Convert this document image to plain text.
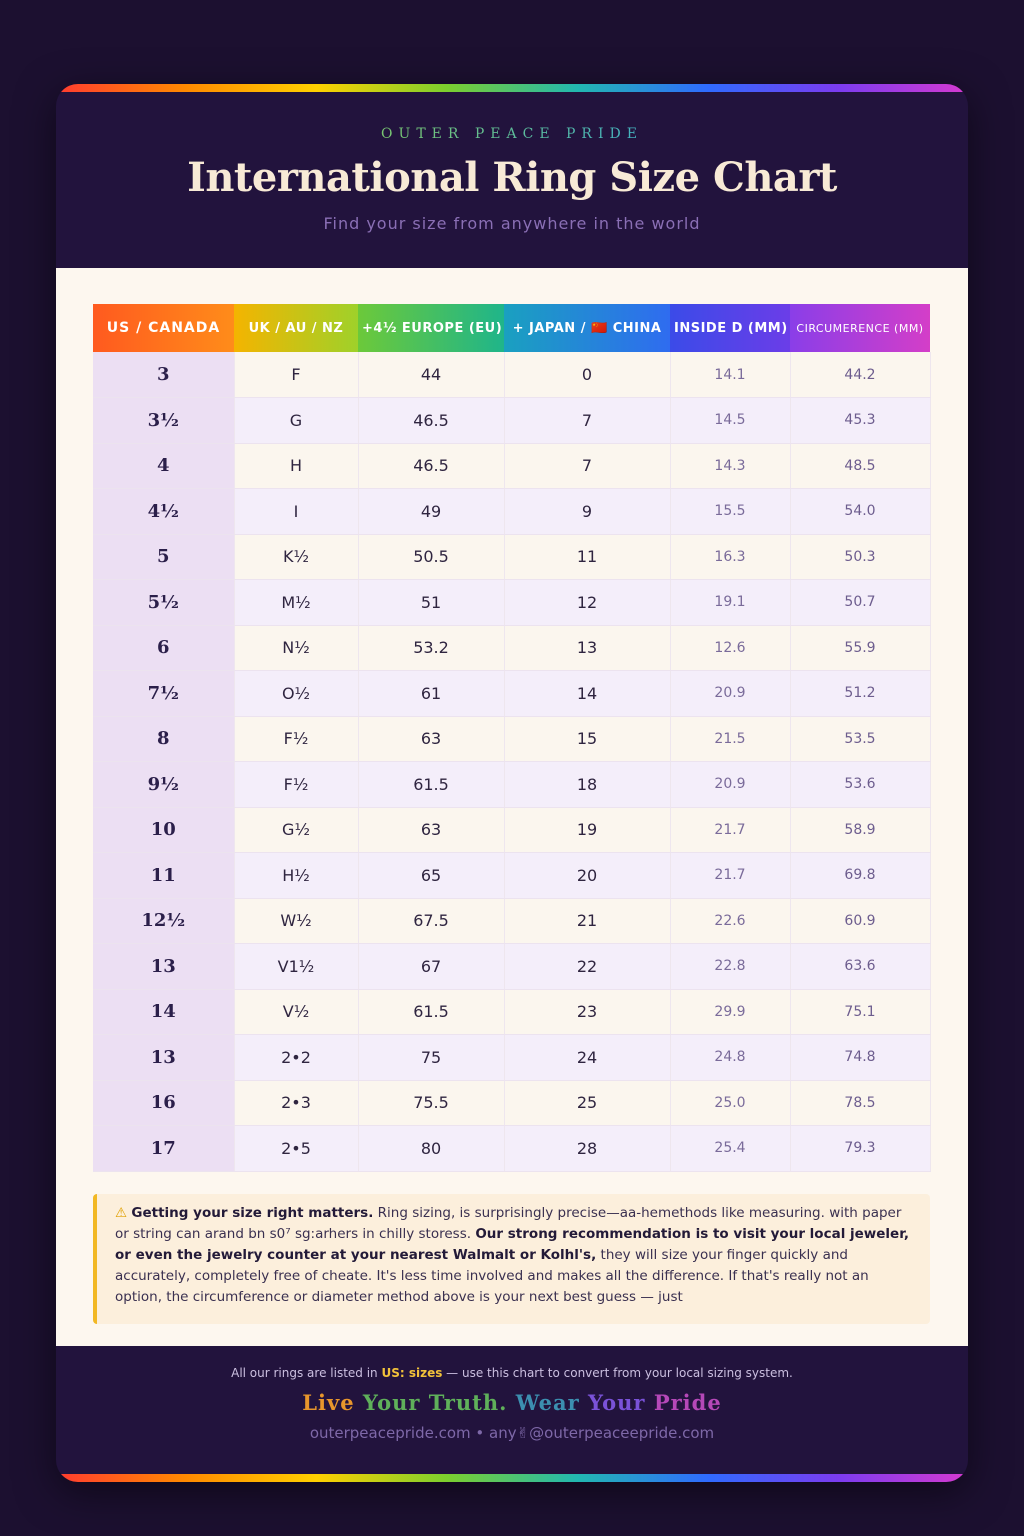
OUTER PEACE PRIDE
International Ring Size Chart
Find your size from anywhere in the world
US / CANADA	UK / AU / NZ	+4½ EUROPE (EU)	+ JAPAN / 🇨🇳 CHINA	INSIDE D (MM)	CIRCUMERENCE (MM)
3	F	44	0	14.1	44.2
3½	G	46.5	7	14.5	45.3
4	H	46.5	7	14.3	48.5
4½	I	49	9	15.5	54.0
5	K½	50.5	11	16.3	50.3
5½	M½	51	12	19.1	50.7
6	N½	53.2	13	12.6	55.9
7½	O½	61	14	20.9	51.2
8	F½	63	15	21.5	53.5
9½	F½	61.5	18	20.9	53.6
10	G½	63	19	21.7	58.9
11	H½	65	20	21.7	69.8
12½	W½	67.5	21	22.6	60.9
13	V1½	67	22	22.8	63.6
14	V½	61.5	23	29.9	75.1
13	2•2	75	24	24.8	74.8
16	2•3	75.5	25	25.0	78.5
17	2•5	80	28	25.4	79.3
⚠ Getting your size right matters. Ring sizing, is surprisingly precise—aa-hemethods like measuring. with paper or string can arand bn s0⁷ sg:arhers in chilly storess. Our strong recommendation is to visit your local jeweler, or even the jewelry counter at your nearest Walmalt or Kolhl's, they will size your finger quickly and accurately, completely free of cheate. It's less time involved and makes all the difference. If that's really not an option, the circumference or diameter method above is your next best guess — just
All our rings are listed in US: sizes — use this chart to convert from your local sizing system.
Live Your Truth. Wear Your Pride
outerpeacepride.com • any✌@outerpeaceepride.com
